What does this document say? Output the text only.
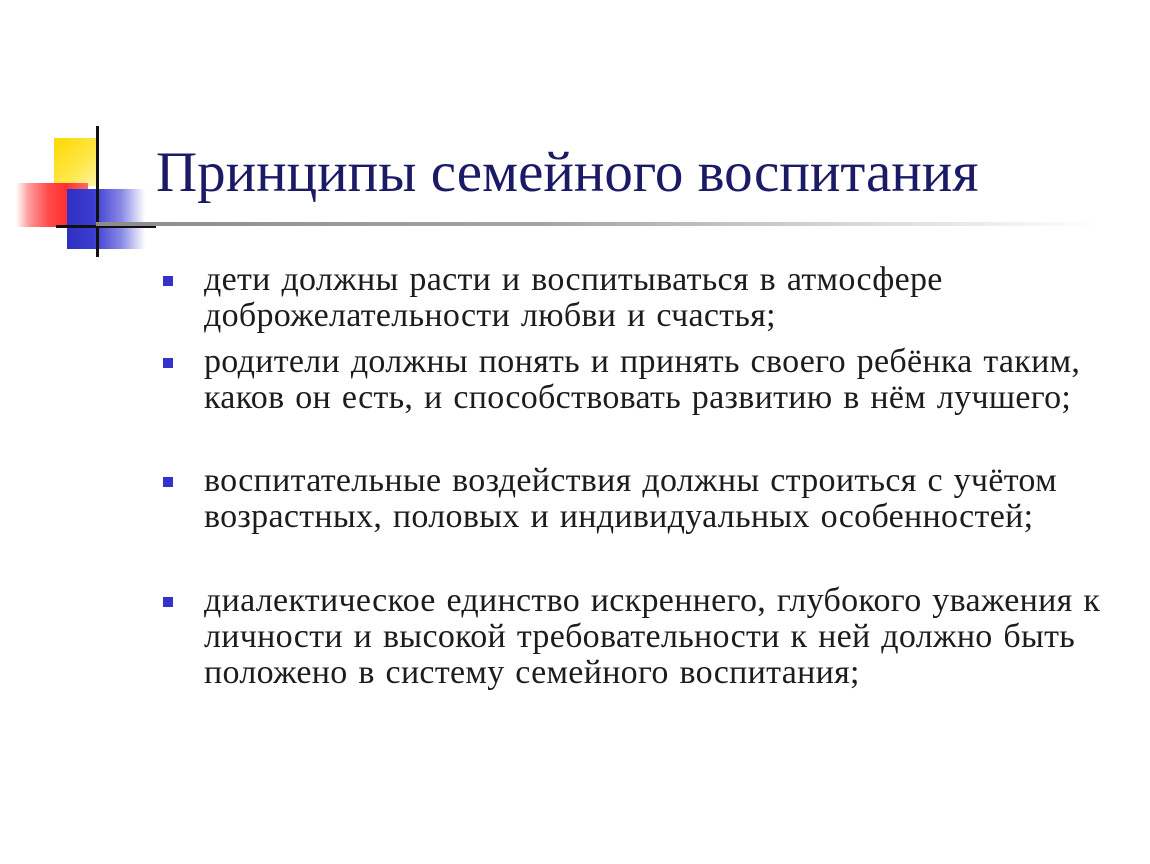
Принципы семейного воспитания
дети должны расти и воспитываться в атмосфере доброжелательности любви и счастья;
родители должны понять и принять своего ребёнка таким, каков он есть, и способствовать развитию в нём лучшего;
воспитательные воздействия должны строиться с учётом возрастных, половых и индивидуальных особенностей;
диалектическое единство искреннего, глубокого уважения к личности и высокой требовательности к ней должно быть положено в систему семейного воспитания;
